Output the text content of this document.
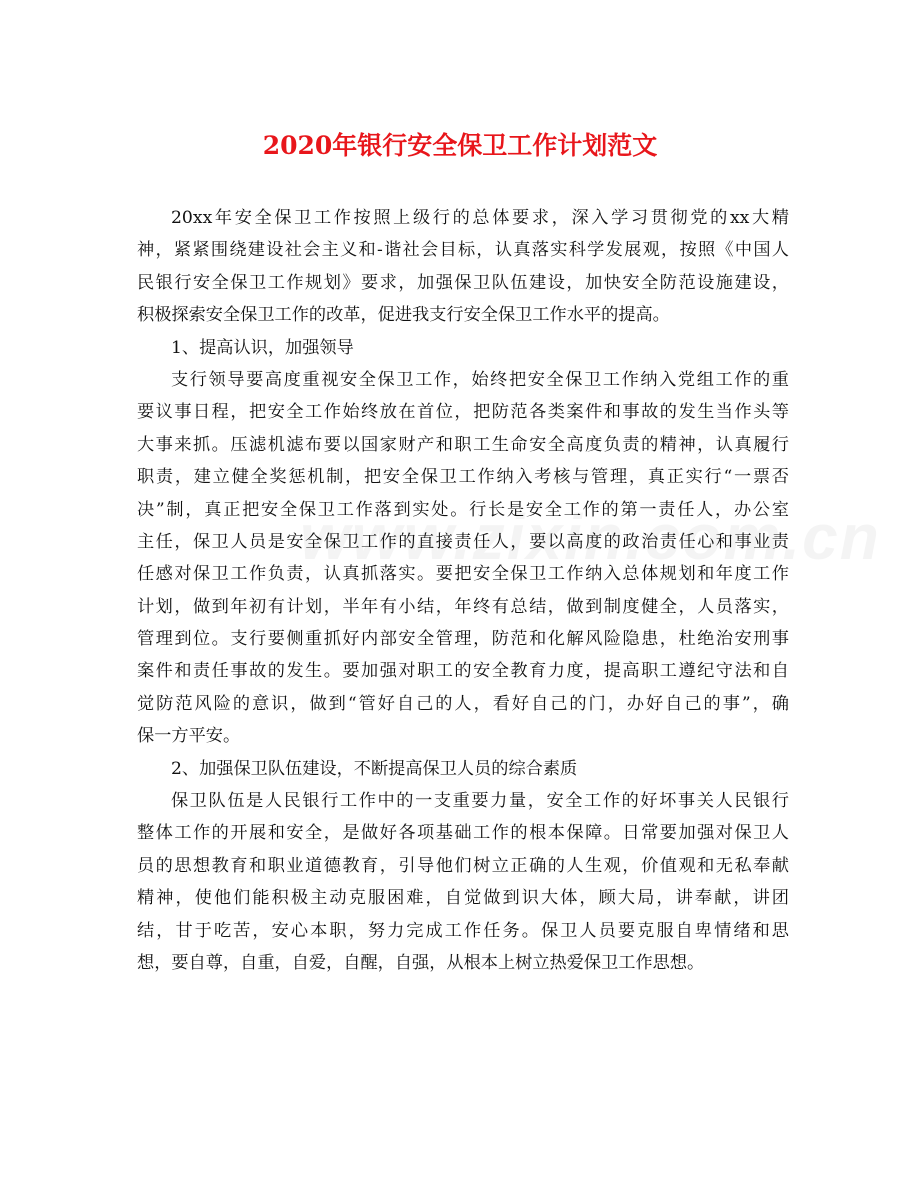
2020年银行安全保卫工作计划范文
20xx年安全保卫工作按照上级行的总体要求，深入学习贯彻党的xx大精
神，紧紧围绕建设社会主义和-谐社会目标，认真落实科学发展观，按照《中国人
民银行安全保卫工作规划》要求，加强保卫队伍建设，加快安全防范设施建设，
积极探索安全保卫工作的改革，促进我支行安全保卫工作水平的提高。
1、提高认识，加强领导
支行领导要高度重视安全保卫工作，始终把安全保卫工作纳入党组工作的重
要议事日程，把安全工作始终放在首位，把防范各类案件和事故的发生当作头等
大事来抓。压滤机滤布要以国家财产和职工生命安全高度负责的精神，认真履行
职责，建立健全奖惩机制，把安全保卫工作纳入考核与管理，真正实行“一票否
决”制，真正把安全保卫工作落到实处。行长是安全工作的第一责任人，办公室
主任，保卫人员是安全保卫工作的直接责任人，要以高度的政治责任心和事业责
任感对保卫工作负责，认真抓落实。要把安全保卫工作纳入总体规划和年度工作
计划，做到年初有计划，半年有小结，年终有总结，做到制度健全，人员落实，
管理到位。支行要侧重抓好内部安全管理，防范和化解风险隐患，杜绝治安刑事
案件和责任事故的发生。要加强对职工的安全教育力度，提高职工遵纪守法和自
觉防范风险的意识，做到“管好自己的人，看好自己的门，办好自己的事”，确
保一方平安。
2、加强保卫队伍建设，不断提高保卫人员的综合素质
保卫队伍是人民银行工作中的一支重要力量，安全工作的好坏事关人民银行
整体工作的开展和安全，是做好各项基础工作的根本保障。日常要加强对保卫人
员的思想教育和职业道德教育，引导他们树立正确的人生观，价值观和无私奉献
精神，使他们能积极主动克服困难，自觉做到识大体，顾大局，讲奉献，讲团
结，甘于吃苦，安心本职，努力完成工作任务。保卫人员要克服自卑情绪和思
想，要自尊，自重，自爱，自醒，自强，从根本上树立热爱保卫工作思想。
